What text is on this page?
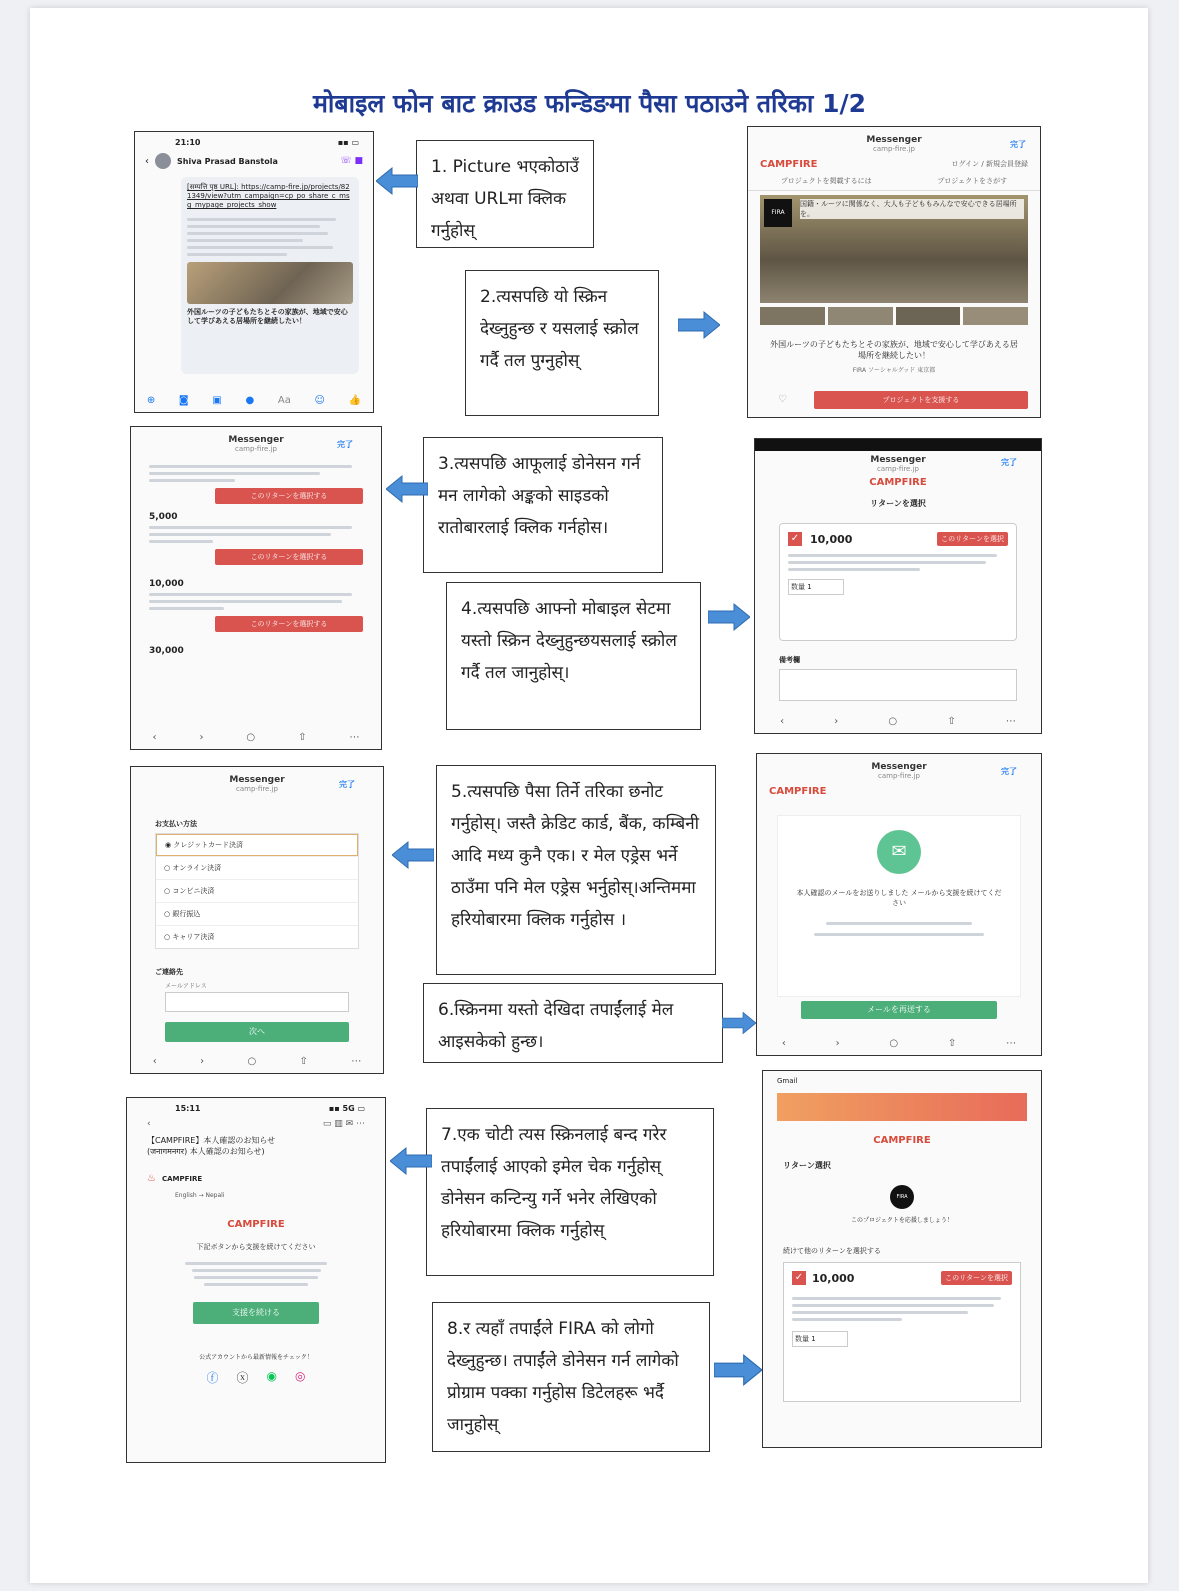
मोबाइल फोन बाट क्राउड फन्डिङमा पैसा पठाउने तरिका 1/2
1. Picture भएकोठाउँ अथवा URLमा क्लिक गर्नुहोस्
2.त्यसपछि यो स्क्रिन देख्नुहुन्छ र यसलाई स्क्रोल गर्दै तल पुग्नुहोस्
3.त्यसपछि आफूलाई डोनेसन गर्न मन लागेको अङ्कको साइडको रातोबारलाई क्लिक गर्नहोस।
4.त्यसपछि आफ्नो मोबाइल सेटमा यस्तो स्क्रिन देख्नुहुन्छयसलाई स्क्रोल गर्दै तल जानुहोस्।
5.त्यसपछि पैसा तिर्ने तरिका छनोट गर्नुहोस्। जस्तै क्रेडिट कार्ड, बैंक, कम्बिनी आदि मध्य कुनै एक। र मेल एड्रेस भर्ने ठाउँमा पनि मेल एड्रेस भर्नुहोस्।अन्तिममा हरियोबारमा क्लिक गर्नुहोस ।
6.स्क्रिनमा यस्तो देखिदा तपाईंलाई मेल आइसकेको हुन्छ।
7.एक चोटी त्यस स्क्रिनलाई बन्द गरेर तपाईंलाई आएको इमेल चेक गर्नुहोस् डोनेसन कन्टिन्यु गर्ने भनेर लेखिएको हरियोबारमा क्लिक गर्नुहोस्
8.र त्यहाँ तपाईंले FIRA को लोगो देख्नुहुन्छ। तपाईंले डोनेसन गर्न लागेको प्रोग्राम पक्का गर्नुहोस डिटेलहरू भर्दै जानुहोस्
21:10	▪▪ ▭
‹	Shiva Prasad Banstola	☏ ■
[सम्पत्ति पृष्ठ URL]: https://camp-fire.jp/projects/821349/view?utm_campaign=cp_po_share_c_msg_mypage_projects_show
外国ルーツの子どもたちとその家族が、地域で安心して学びあえる居場所を継続したい！
⊕ ◙ ▣ ● Aa ☺ 👍
Messenger
camp-fire.jp	完了
CAMPFIRE	ログイン / 新規会員登録
プロジェクトを掲載するには	プロジェクトをさがす
国籍・ルーツに関係なく、大人も子どももみんなで安心できる居場所を。
FIRA
外国ルーツの子どもたちとその家族が、地域で安心して学びあえる居場所を継続したい！
FIRA ソーシャルグッド 東京都
プロジェクトを支援する
♡
Messenger
camp-fire.jp	完了
このリターンを選択する
5,000
このリターンを選択する
10,000
このリターンを選択する
30,000
‹	›	○	⇧	⋯
Messenger
camp-fire.jp
完了
CAMPFIRE
リターンを選択
✓ 10,000	このリターンを選択
数量 1
備考欄
‹	›	○	⇧	⋯
Messenger
camp-fire.jp	完了
お支払い方法
◉ クレジットカード決済
○ オンライン決済
○ コンビニ決済
○ 銀行振込
○ キャリア決済
ご連絡先
メールアドレス
次へ
‹	›	○	⇧	⋯
Messenger
camp-fire.jp	完了
CAMPFIRE
✉
本人確認のメールをお送りしました メールから支援を続けてください
メールを再送する
‹	›	○	⇧	⋯
15:11	▪▪ 5G ▭
‹	▭ ▥ ✉ ⋯
【CAMPFIRE】本人確認のお知らせ
(जनागमनगर) 本人確認のお知らせ)
♨ CAMPFIRE
English → Nepali
CAMPFIRE
下記ボタンから支援を続けてください
支援を続ける
公式アカウントから最新情報をチェック！
ⓕ ⓧ ◉ ◎
Gmail
CAMPFIRE
リターン選択
FIRA
このプロジェクトを応援しましょう！
続けて他のリターンを選択する
✓ 10,000	このリターンを選択
数量 1
